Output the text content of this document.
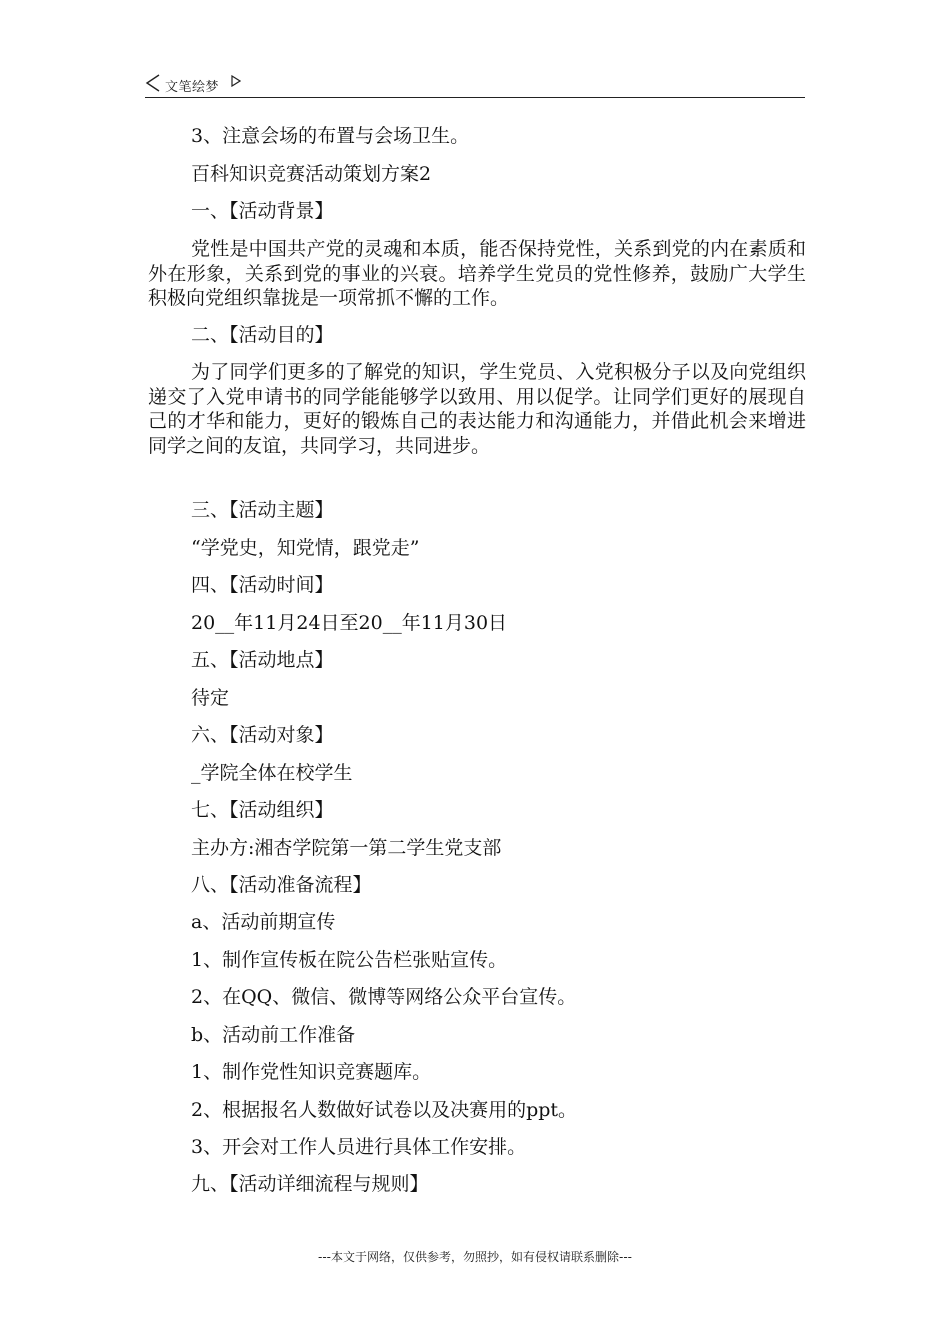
文笔绘梦
3、注意会场的布置与会场卫生。
百科知识竞赛活动策划方案2
一、【活动背景】

党性是中国共产党的灵魂和本质，能否保持党性，关系到党的内在素质和外在形象，关系到党的事业的兴衰。培养学生党员的党性修养，鼓励广大学生积极向党组织靠拢是一项常抓不懈的工作。

二、【活动目的】

为了同学们更多的了解党的知识，学生党员、入党积极分子以及向党组织递交了入党申请书的同学能能够学以致用、用以促学。让同学们更好的展现自己的才华和能力，更好的锻炼自己的表达能力和沟通能力，并借此机会来增进同学之间的友谊，共同学习，共同进步。

三、【活动主题】
“学党史，知党情，跟党走”
四、【活动时间】
20__年11月24日至20__年11月30日
五、【活动地点】
待定
六、【活动对象】
_学院全体在校学生
七、【活动组织】
主办方:湘杏学院第一第二学生党支部
八、【活动准备流程】
a、活动前期宣传
1、制作宣传板在院公告栏张贴宣传。
2、在QQ、微信、微博等网络公众平台宣传。
b、活动前工作准备
1、制作党性知识竞赛题库。
2、根据报名人数做好试卷以及决赛用的ppt。
3、开会对工作人员进行具体工作安排。
九、【活动详细流程与规则】
---本文于网络，仅供参考，勿照抄，如有侵权请联系删除---
